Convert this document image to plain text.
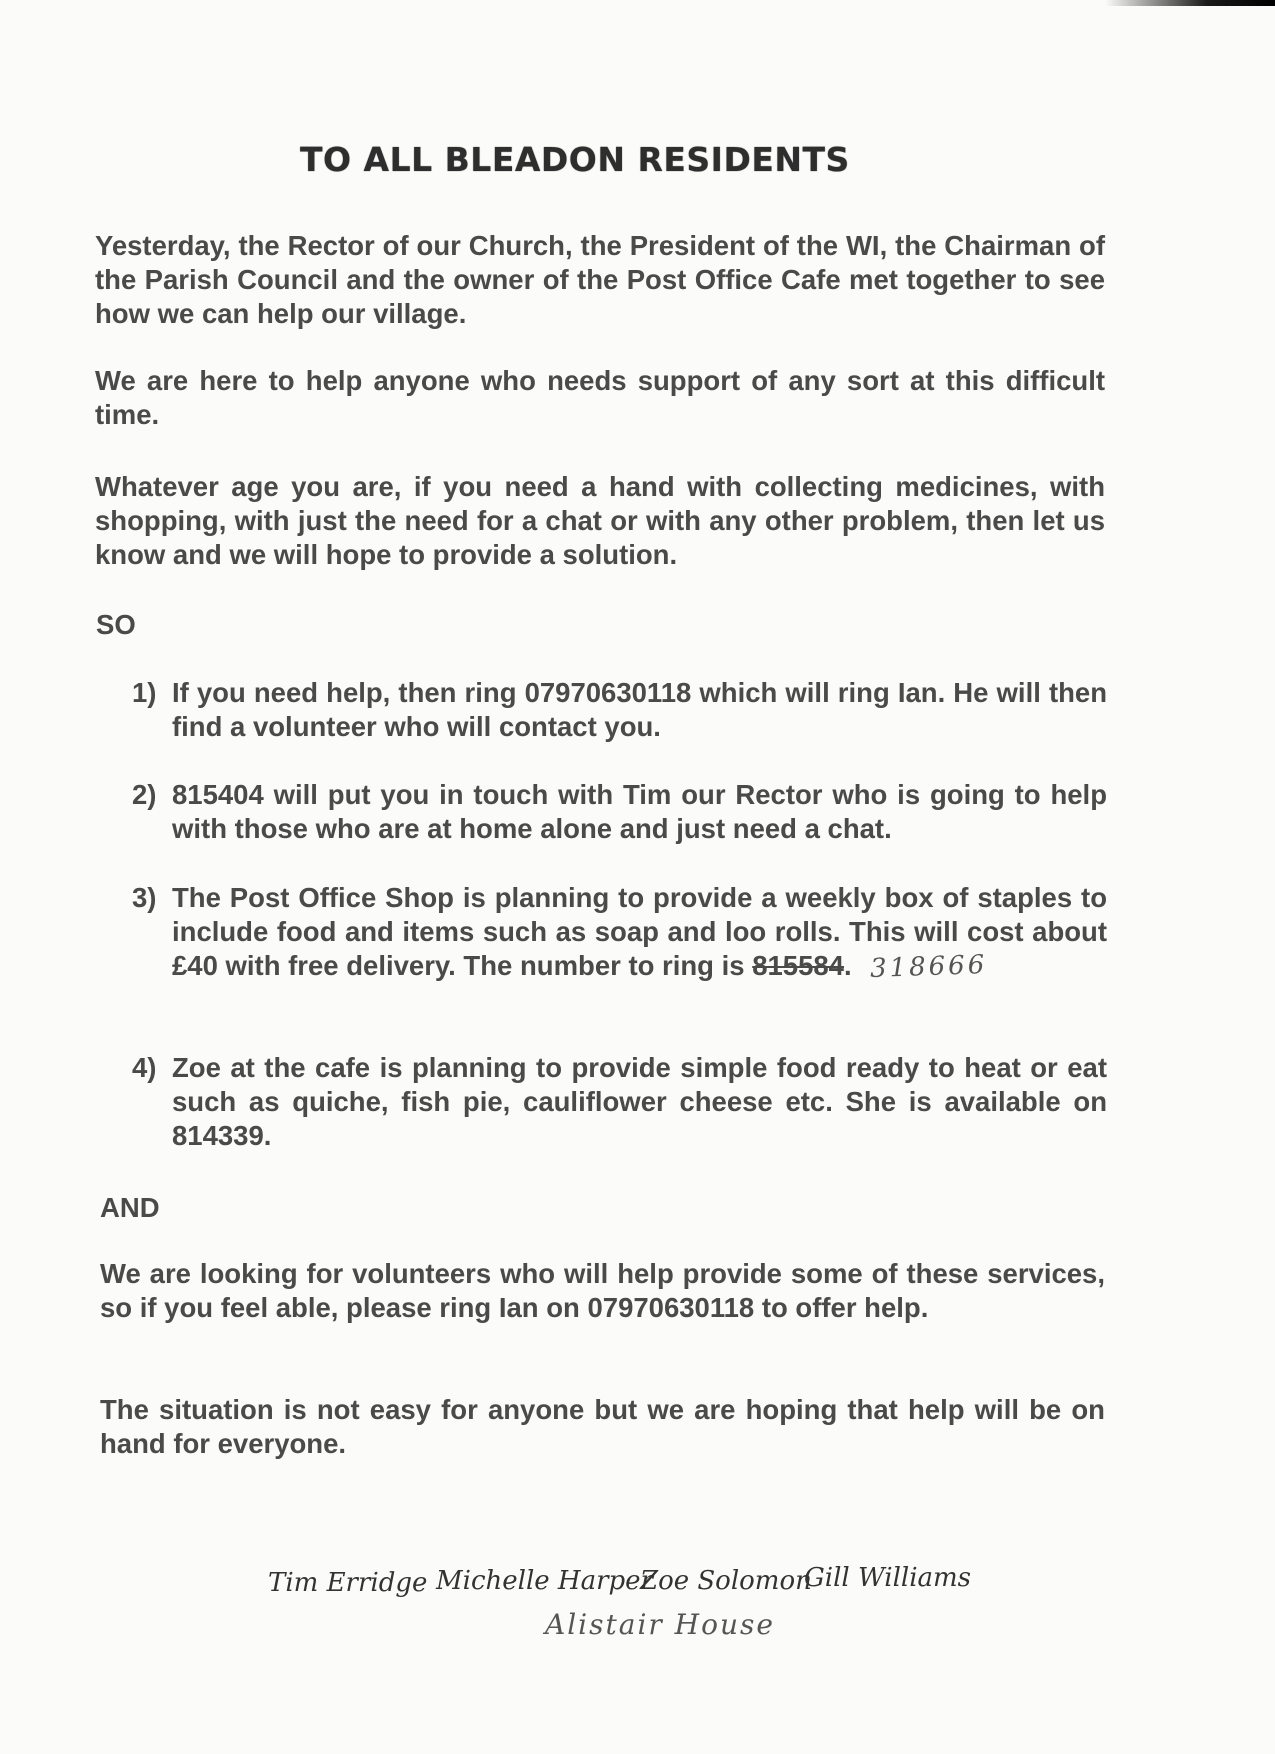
TO ALL BLEADON RESIDENTS

Yesterday, the Rector of our Church, the President of the WI, the Chairman of the Parish Council and the owner of the Post Office Cafe met together to see how we can help our village.

We are here to help anyone who needs support of any sort at this difficult time.

Whatever age you are, if you need a hand with collecting medicines, with shopping, with just the need for a chat or with any other problem, then let us know and we will hope to provide a solution.

SO
1) If you need help, then ring 07970630118 which will ring Ian. He will then find a volunteer who will contact you.

2) 815404 will put you in touch with Tim our Rector who is going to help with those who are at home alone and just need a chat.

3) The Post Office Shop is planning to provide a weekly box of staples to include food and items such as soap and loo rolls. This will cost about £40 with free delivery. The number to ring is 815584. 318666

4) Zoe at the cafe is planning to provide simple food ready to heat or eat such as quiche, fish pie, cauliflower cheese etc. She is available on 814339.

AND

We are looking for volunteers who will help provide some of these services, so if you feel able, please ring Ian on 07970630118 to offer help.

The situation is not easy for anyone but we are hoping that help will be on hand for everyone.

Tim Erridge Michelle Harper
Zoe Solomon
Gill Williams
Alistair House
